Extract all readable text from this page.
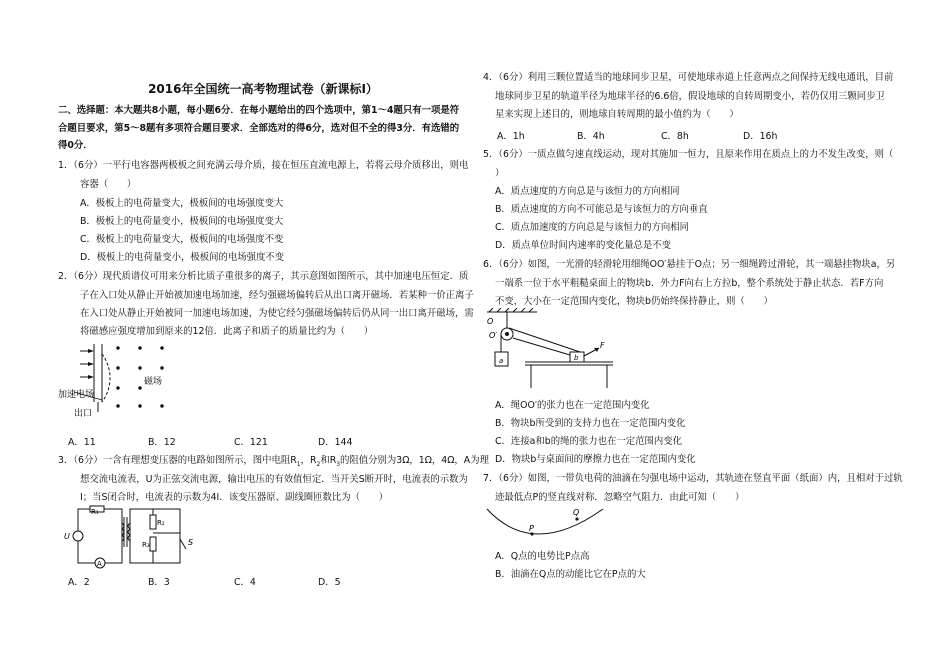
2016年全国统一高考物理试卷（新课标Ⅰ）
二、选择题：本大题共8小题，每小题6分．在每小题给出的四个选项中，第1～4题只有一项是符合题目要求，第5～8题有多项符合题目要求．全部选对的得6分，选对但不全的得3分．有选错的得0分．
1．（6分）一平行电容器两极板之间充满云母介质，接在恒压直流电源上，若将云母介质移出，则电
容器（　　）
A．极板上的电荷量变大，极板间的电场强度变大
B．极板上的电荷量变小，极板间的电场强度变大
C．极板上的电荷量变大，极板间的电场强度不变
D．极板上的电荷量变小，极板间的电场强度不变
2．（6分）现代质谱仪可用来分析比质子重很多的离子，其示意图如图所示，其中加速电压恒定．质
子在入口处从静止开始被加速电场加速，经匀强磁场偏转后从出口离开磁场．若某种一价正离子
在入口处从静止开始被同一加速电场加速，为使它经匀强磁场偏转后仍从同一出口离开磁场，需
将磁感应强度增加到原来的12倍．此离子和质子的质量比约为（　　）
加速电场
出口
磁场
A．11	B．12	C．121	D．144
3．（6分）一含有理想变压器的电路如图所示，图中电阻$R_1$，$R_2$和$R_3$的阻值分别为3Ω，1Ω，4Ω，A为理
想交流电流表，U为正弦交流电源，输出电压的有效值恒定．当开关S断开时，电流表的示数为
I；当S闭合时，电流表的示数为4I．该变压器原、副线圈匝数比为（　　）
R₁
R₂
R₃
U
S
A
A．2	B．3	C．4	D．5
4．（6分）利用三颗位置适当的地球同步卫星，可使地球赤道上任意两点之间保持无线电通讯，目前
地球同步卫星的轨道半径为地球半径的6.6倍，假设地球的自转周期变小，若仍仅用三颗同步卫
星来实现上述目的，则地球自转周期的最小值约为（　　）
A．1h	B．4h	C．8h	D．16h
5．（6分）一质点做匀速直线运动，现对其施加一恒力，且原来作用在质点上的力不发生改变，则（
）
A．质点速度的方向总是与该恒力的方向相同
B．质点速度的方向不可能总是与该恒力的方向垂直
C．质点加速度的方向总是与该恒力的方向相同
D．质点单位时间内速率的变化量总是不变
6．（6分）如图，一光滑的轻滑轮用细绳OO′悬挂于O点；另一细绳跨过滑轮，其一端悬挂物块a，另
一端系一位于水平粗糙桌面上的物块b．外力F向右上方拉b，整个系统处于静止状态．若F方向
不变，大小在一定范围内变化，物块b仍始终保持静止，则（　　）
O
O′
a	b
F
A．绳OO′的张力也在一定范围内变化
B．物块b所受到的支持力也在一定范围内变化
C．连接a和b的绳的张力也在一定范围内变化
D．物块b与桌面间的摩擦力也在一定范围内变化
7．（6分）如图，一带负电荷的油滴在匀强电场中运动，其轨迹在竖直平面（纸面）内，且相对于过轨
迹最低点P的竖直线对称．忽略空气阻力．由此可知（　　）
P
Q
A．Q点的电势比P点高
B．油滴在Q点的动能比它在P点的大
